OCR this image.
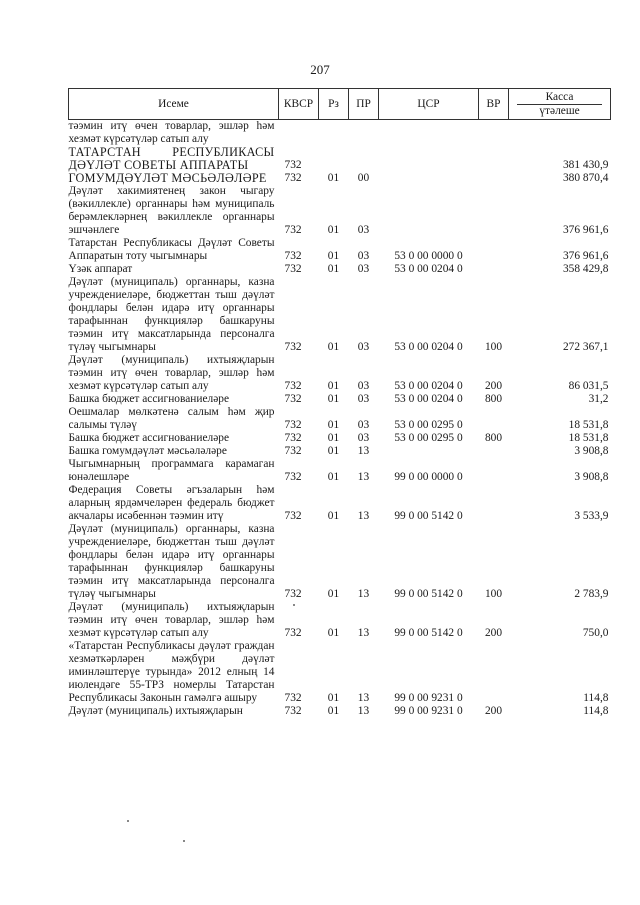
207
Исеме	КВСР	Рз	ПР	ЦСР	ВР	Касса
үтәлеше

тәэмин итү өчен товарлар, эшләр һәм хезмәт күрсәтүләр сатып алу						
ТАТАРСТАН РЕСПУБЛИКАСЫ ДӘҮЛӘТ СОВЕТЫ АППАРАТЫ	732					381 430,9
ГОМУМДӘҮЛӘТ МӘСЬӘЛӘЛӘРЕ	732	01	00			380 870,4
Дәүләт хакимиятенең закон чыгару (вәкиллекле) органнары һәм муниципаль берәмлекләрнең вәкиллекле органнары эшчәнлеге	732	01	03			376 961,6
Татарстан Республикасы Дәүләт Советы Аппаратын тоту чыгымнары	732	01	03	53 0 00 0000 0		376 961,6
Үзәк аппарат	732	01	03	53 0 00 0204 0		358 429,8
Дәүләт (муниципаль) органнары, казна учреждениеләре, бюджеттан тыш дәүләт фондлары белән идарә итү органнары тарафыннан функцияләр башкаруны тәэмин итү максатларында персоналга түләү чыгымнары	732	01	03	53 0 00 0204 0	100	272 367,1
Дәүләт (муниципаль) ихтыяҗларын тәэмин итү өчен товарлар, эшләр һәм хезмәт күрсәтүләр сатып алу	732	01	03	53 0 00 0204 0	200	86 031,5
Башка бюджет ассигнованиеләре	732	01	03	53 0 00 0204 0	800	31,2
Оешмалар мөлкәтенә салым һәм җир салымы түләү	732	01	03	53 0 00 0295 0		18 531,8
Башка бюджет ассигнованиеләре	732	01	03	53 0 00 0295 0	800	18 531,8
Башка гомумдәүләт мәсьәләләре	732	01	13			3 908,8
Чыгымнарның программага карамаган юнәлешләре	732	01	13	99 0 00 0000 0		3 908,8
Федерация Советы әгъзаларын һәм аларның ярдәмчеләрен федераль бюджет акчалары исәбеннән тәэмин итү	732	01	13	99 0 00 5142 0		3 533,9
Дәүләт (муниципаль) органнары, казна учреждениеләре, бюджеттан тыш дәүләт фондлары белән идарә итү органнары тарафыннан функцияләр башкаруны тәэмин итү максатларында персоналга түләү чыгымнары	732	01	13	99 0 00 5142 0	100	2 783,9
Дәүләт (муниципаль) ихтыяҗларын тәэмин итү өчен товарлар, эшләр һәм хезмәт күрсәтүләр сатып алу	732	01	13	99 0 00 5142 0	200	750,0
«Татарстан Республикасы дәүләт граждан хезмәткәрләрен мәҗбүри дәүләт иминләштерүе турында» 2012 елның 14 июлендәге 55-ТРЗ номерлы Татарстан Республикасы Законын гамәлгә ашыру	732	01	13	99 0 00 9231 0		114,8
Дәүләт (муниципаль) ихтыяҗларын	732	01	13	99 0 00 9231 0	200	114,8
